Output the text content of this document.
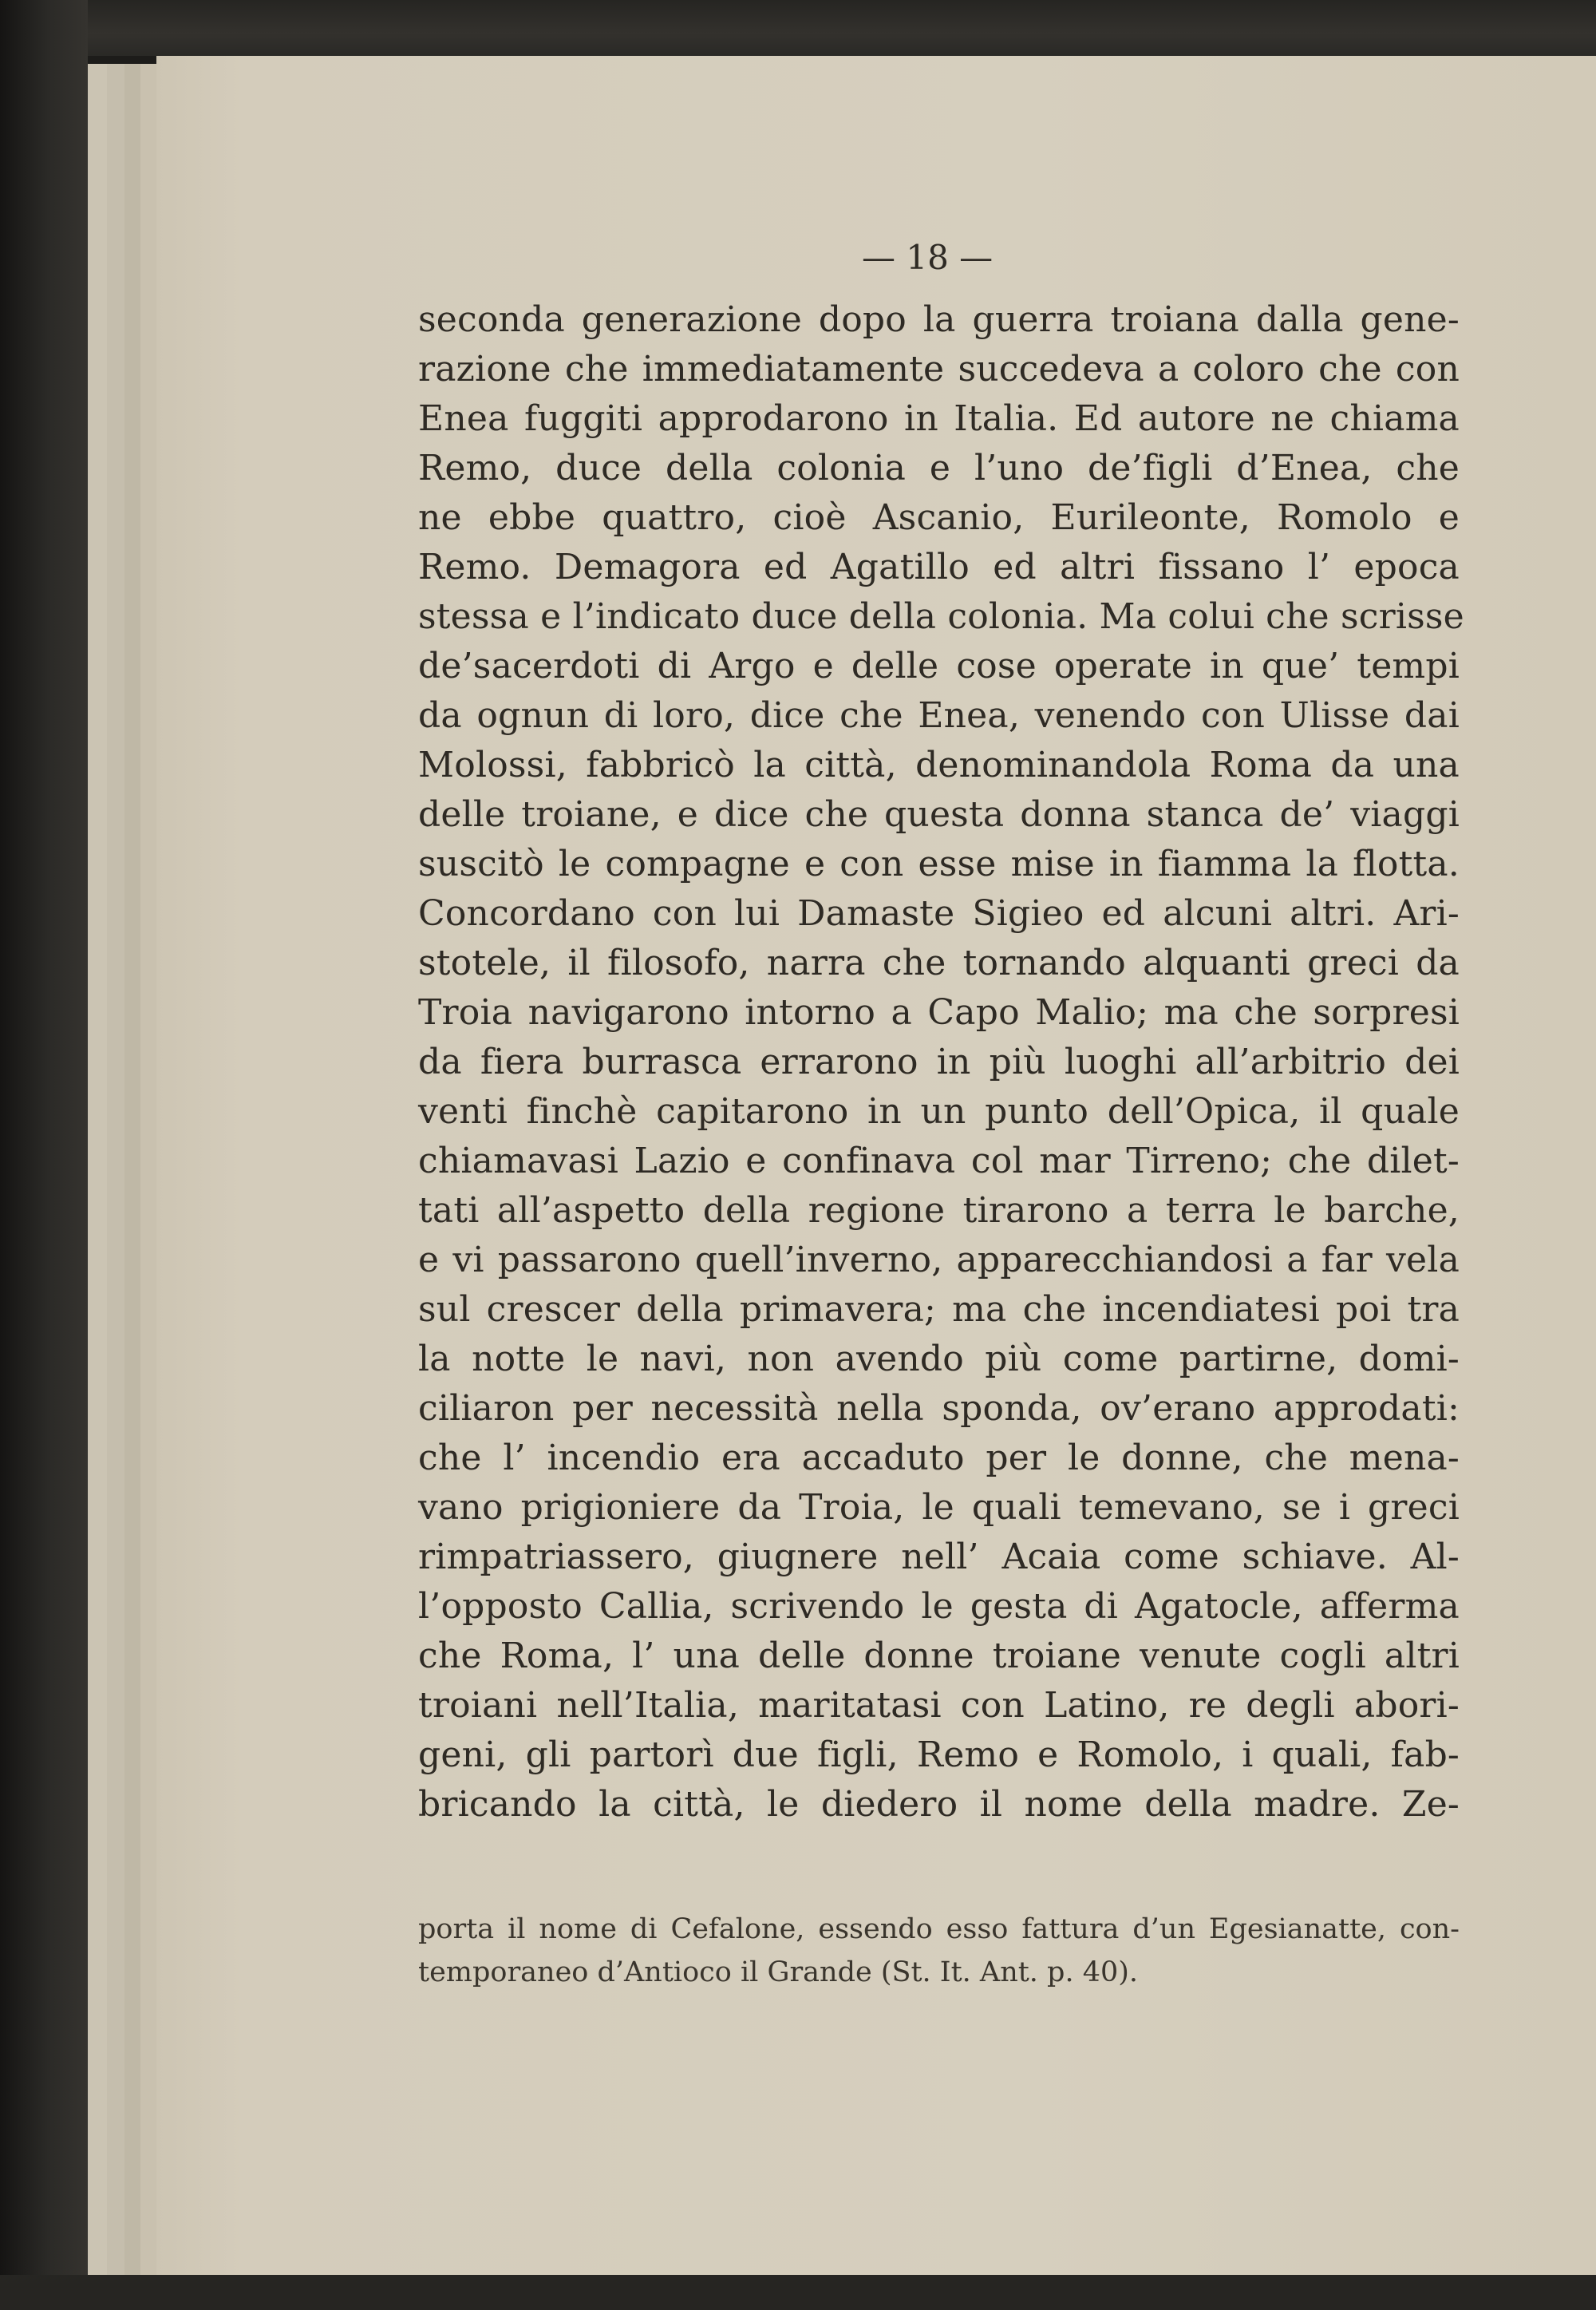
— 18 —
seconda generazione dopo la guerra troiana dalla gene-
razione che immediatamente succedeva a coloro che con
Enea fuggiti approdarono in Italia. Ed autore ne chiama
Remo, duce della colonia e l’uno de’figli d’Enea, che
ne ebbe quattro, cioè Ascanio, Eurileonte, Romolo e
Remo. Demagora ed Agatillo ed altri fissano l’ epoca
stessa e l’indicato duce della colonia. Ma colui che scrisse
de’sacerdoti di Argo e delle cose operate in que’ tempi
da ognun di loro, dice che Enea, venendo con Ulisse dai
Molossi, fabbricò la città, denominandola Roma da una
delle troiane, e dice che questa donna stanca de’ viaggi
suscitò le compagne e con esse mise in fiamma la flotta.
Concordano con lui Damaste Sigieo ed alcuni altri. Ari-
stotele, il filosofo, narra che tornando alquanti greci da
Troia navigarono intorno a Capo Malio; ma che sorpresi
da fiera burrasca errarono in più luoghi all’arbitrio dei
venti finchè capitarono in un punto dell’Opica, il quale
chiamavasi Lazio e confinava col mar Tirreno; che dilet-
tati all’aspetto della regione tirarono a terra le barche,
e vi passarono quell’inverno, apparecchiandosi a far vela
sul crescer della primavera; ma che incendiatesi poi tra
la notte le navi, non avendo più come partirne, domi-
ciliaron per necessità nella sponda, ov’erano approdati:
che l’ incendio era accaduto per le donne, che mena-
vano prigioniere da Troia, le quali temevano, se i greci
rimpatriassero, giugnere nell’ Acaia come schiave. Al-
l’opposto Callia, scrivendo le gesta di Agatocle, afferma
che Roma, l’ una delle donne troiane venute cogli altri
troiani nell’Italia, maritatasi con Latino, re degli abori-
geni, gli partorì due figli, Remo e Romolo, i quali, fab-
bricando la città, le diedero il nome della madre. Ze-
porta il nome di Cefalone, essendo esso fattura d’un Egesianatte, con-
temporaneo d’Antioco il Grande (St. It. Ant. p. 40).
